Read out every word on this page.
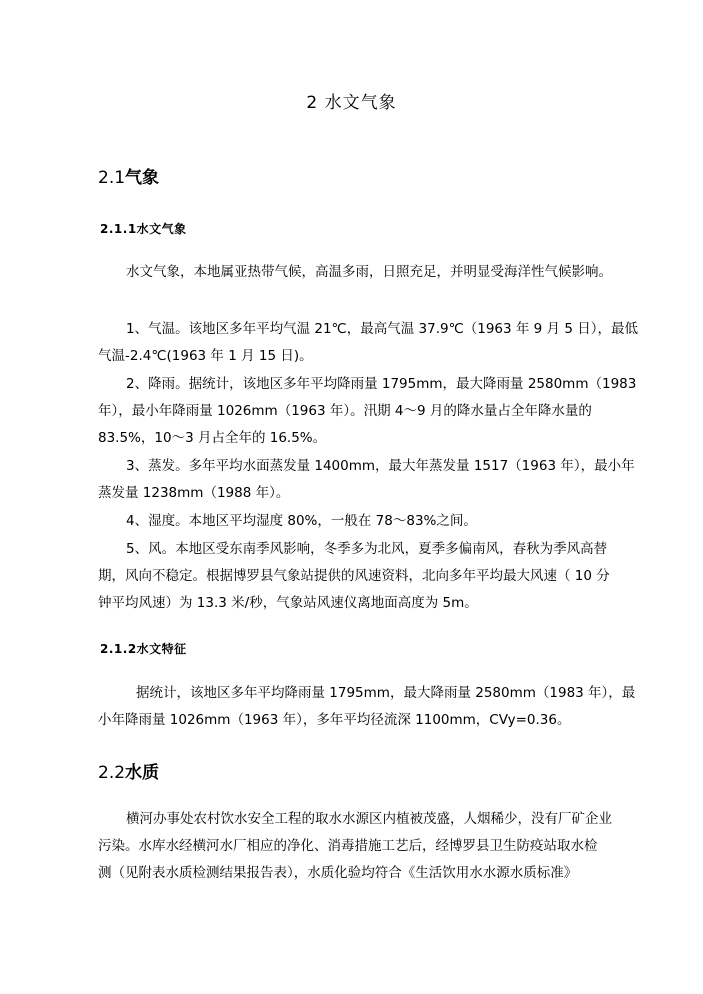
2 水文气象
2.1气象
2.1.1水文气象
水文气象，本地属亚热带气候，高温多雨，日照充足，并明显受海洋性气候影响。
1、气温。该地区多年平均气温 21℃，最高气温 37.9℃（1963 年 9 月 5 日），最低
气温-2.4℃(1963 年 1 月 15 日)。
2、降雨。据统计，该地区多年平均降雨量 1795mm，最大降雨量 2580mm（1983
年），最小年降雨量 1026mm（1963 年）。汛期 4～9 月的降水量占全年降水量的
83.5%，10～3 月占全年的 16.5%。
3、蒸发。多年平均水面蒸发量 1400mm，最大年蒸发量 1517（1963 年），最小年
蒸发量 1238mm（1988 年）。
4、湿度。本地区平均湿度 80%，一般在 78～83%之间。
5、风。本地区受东南季风影响，冬季多为北风，夏季多偏南风，春秋为季风高替
期，风向不稳定。根据博罗县气象站提供的风速资料，北向多年平均最大风速（ 10 分
钟平均风速）为 13.3 米/秒，气象站风速仪离地面高度为 5m。
2.1.2水文特征
据统计，该地区多年平均降雨量 1795mm，最大降雨量 2580mm（1983 年），最
小年降雨量 1026mm（1963 年），多年平均径流深 1100mm，CVy=0.36。
2.2水质
横河办事处农村饮水安全工程的取水水源区内植被茂盛，人烟稀少，没有厂矿企业
污染。水库水经横河水厂相应的净化、消毒措施工艺后，经博罗县卫生防疫站取水检
测（见附表水质检测结果报告表），水质化验均符合《生活饮用水水源水质标准》
